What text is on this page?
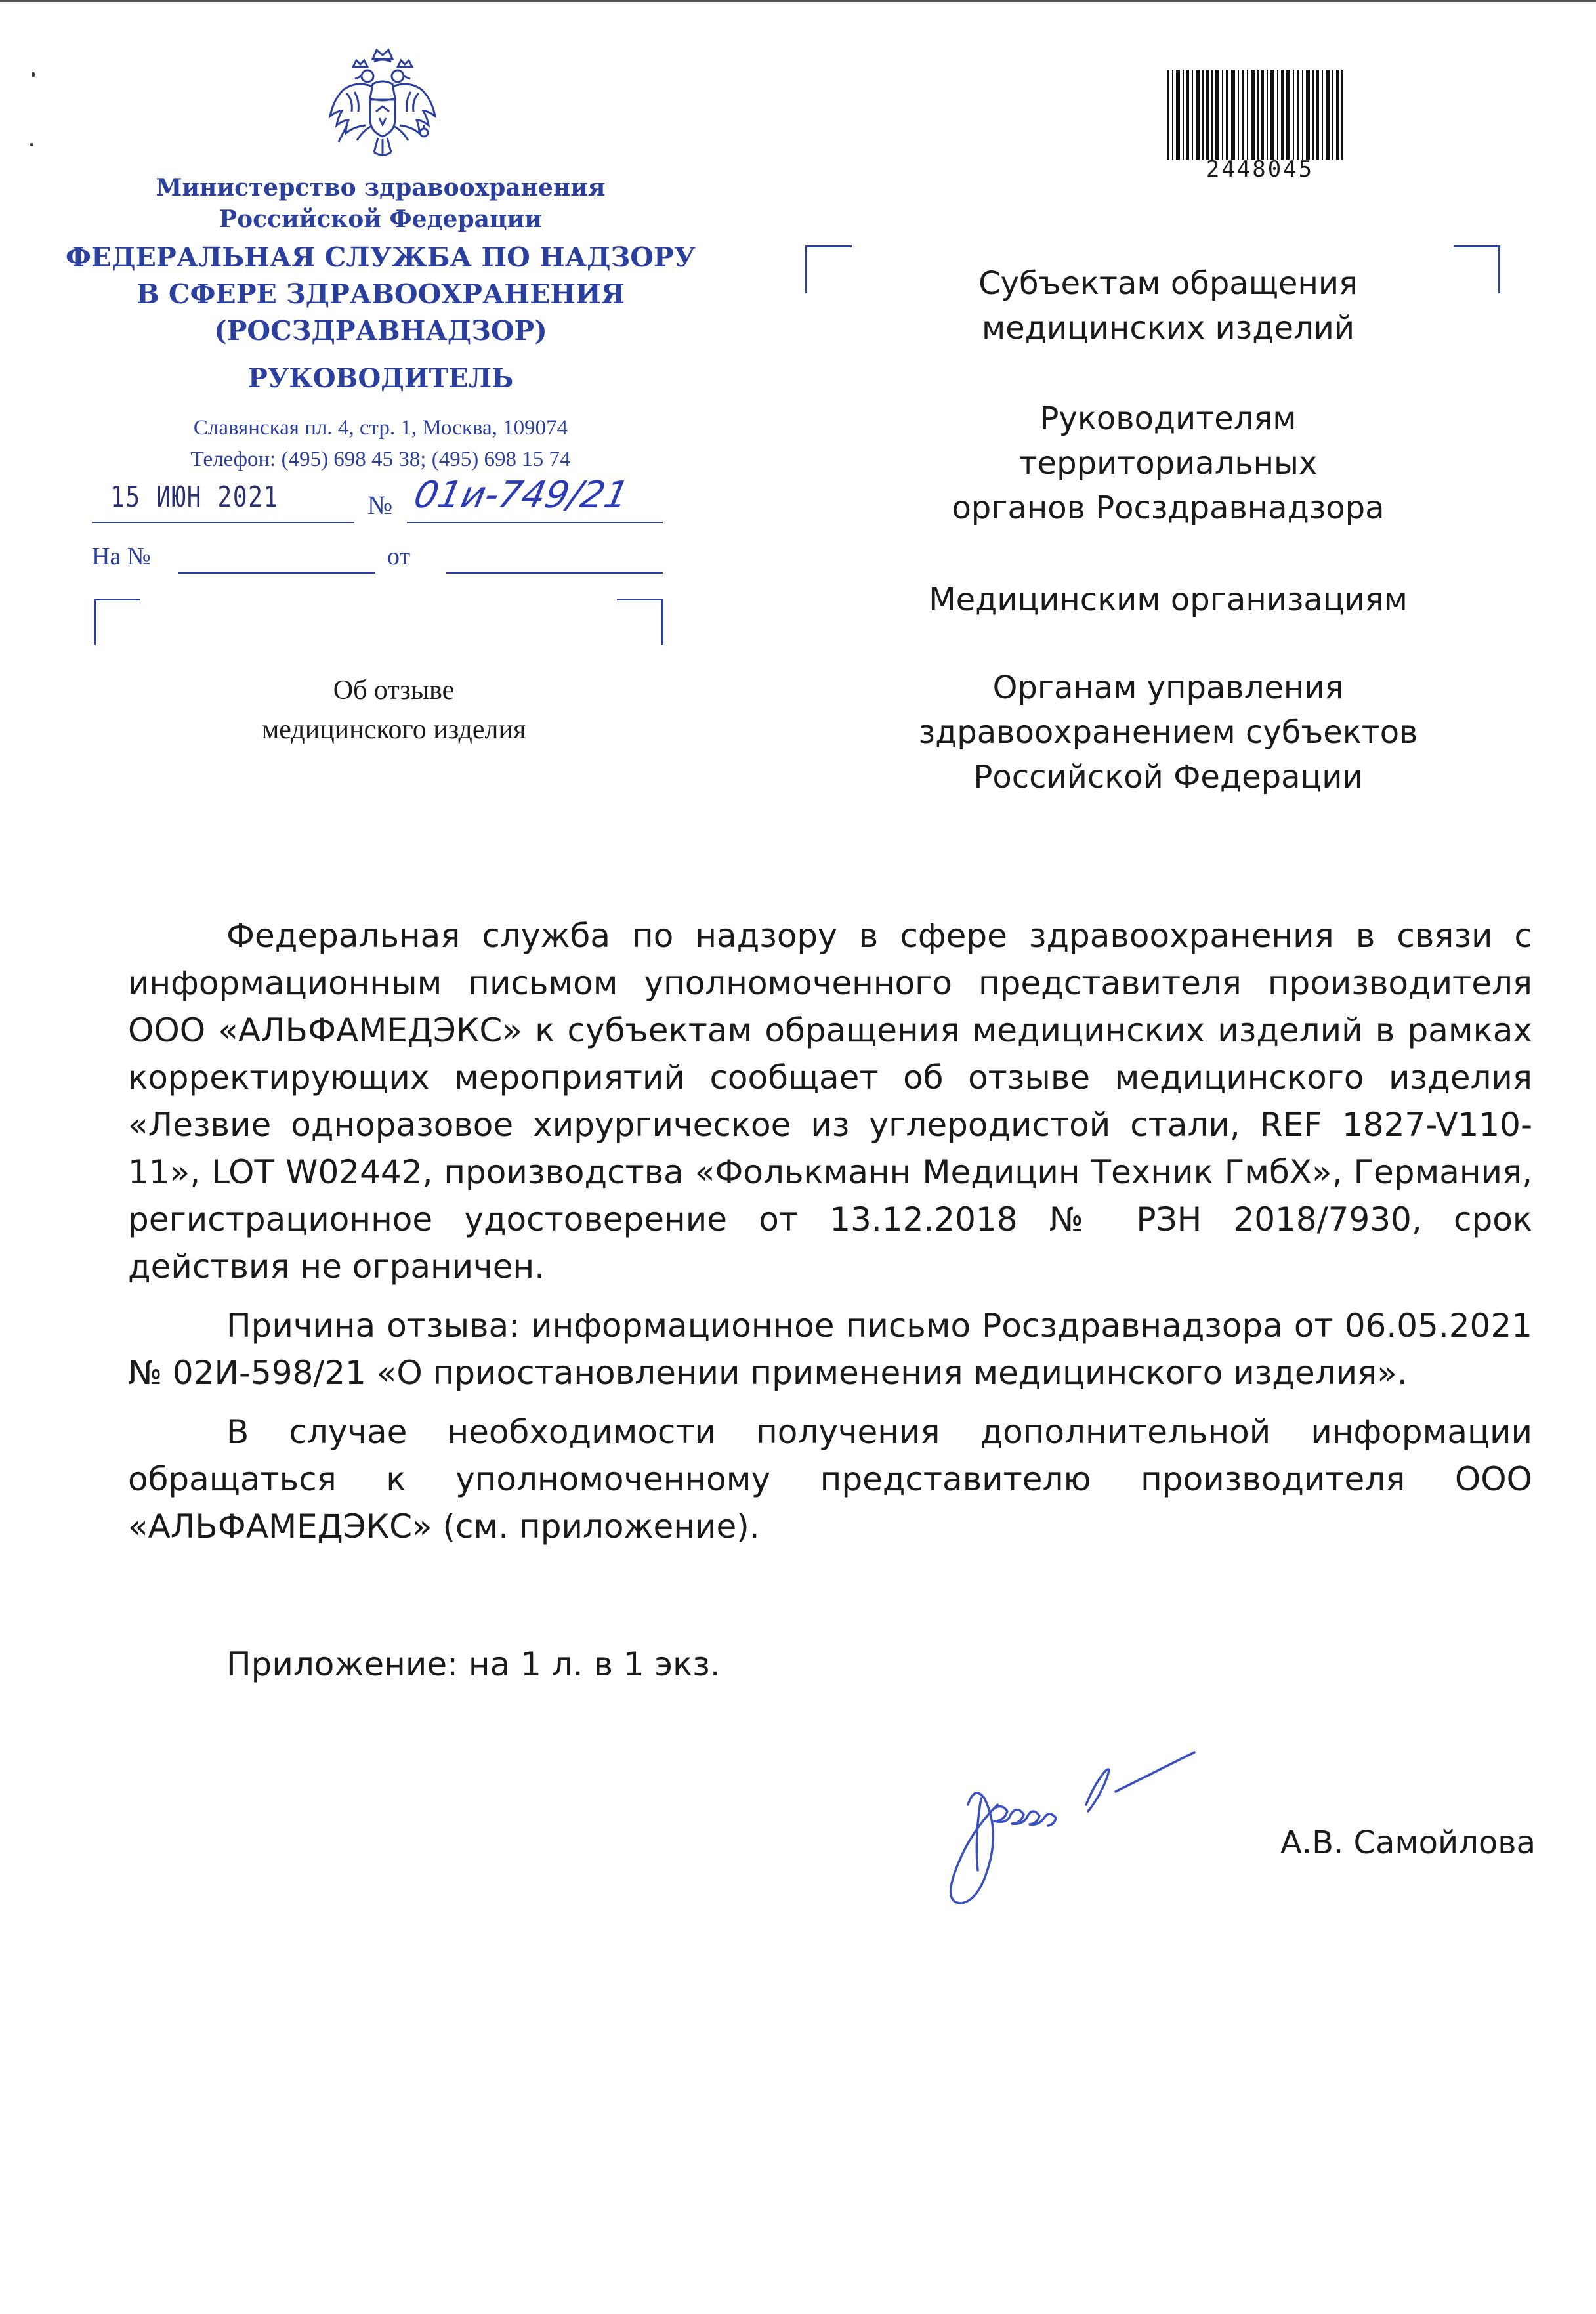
Министерство здравоохранения
Российской Федерации
ФЕДЕРАЛЬНАЯ СЛУЖБА ПО НАДЗОРУ
В СФЕРЕ ЗДРАВООХРАНЕНИЯ
(РОСЗДРАВНАДЗОР)
РУКОВОДИТЕЛЬ
Славянская пл. 4, стр. 1, Москва, 109074
Телефон: (495) 698 45 38; (495) 698 15 74
15 ИЮН 2021	№ 01и-749/21
На №	от
Об отзыве
медицинского изделия
2448045
Субъектам обращения
медицинских изделий
Руководителям
территориальных
органов Росздравнадзора
Медицинским организациям
Органам управления
здравоохранением субъектов
Российской Федерации

Федеральная служба по надзору в сфере здравоохранения в связи с информационным письмом уполномоченного представителя производителя ООО «АЛЬФАМЕДЭКС» к субъектам обращения медицинских изделий в рамках корректирующих мероприятий сообщает об отзыве медицинского изделия «Лезвие одноразовое хирургическое из углеродистой стали, REF 1827-V110-11», LOT W02442, производства «Фолькманн Медицин Техник ГмбХ», Германия, регистрационное удостоверение от 13.12.2018 № РЗН 2018/7930, срок действия не ограничен.

Причина отзыва: информационное письмо Росздравнадзора от 06.05.2021 № 02И-598/21 «О приостановлении применения медицинского изделия».

В случае необходимости получения дополнительной информации обращаться к уполномоченному представителю производителя ООО «АЛЬФАМЕДЭКС» (см. приложение).

Приложение: на 1 л. в 1 экз.
А.В. Самойлова
